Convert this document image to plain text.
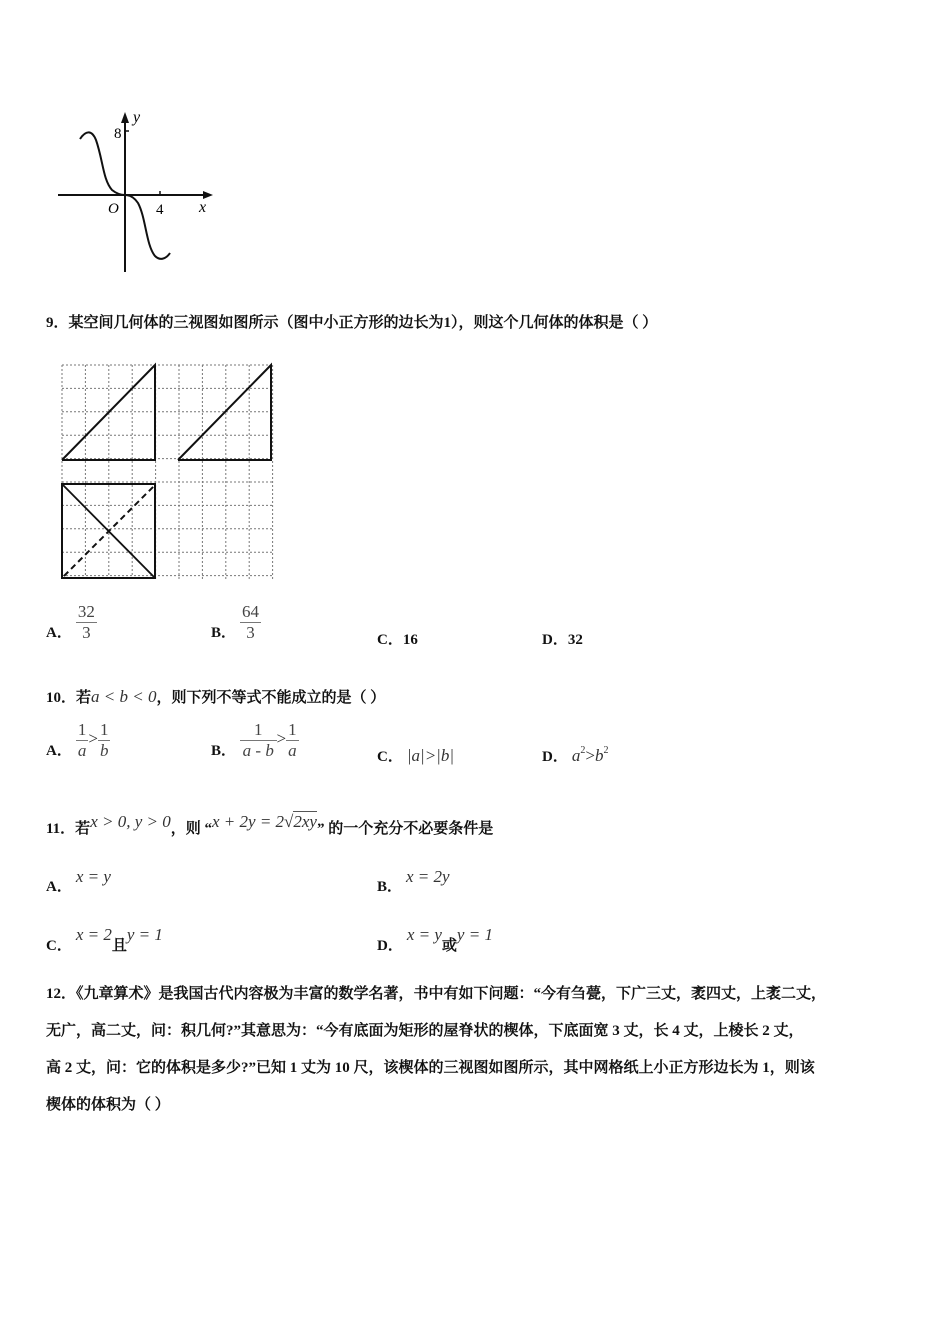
8
O 4 x
y
9．某空间几何体的三视图如图所示（图中小正方形的边长为1），则这个几何体的体积是（ ）
A． $\frac{32}{3}$	B． $\frac{64}{3}$	C．16	D．32
10．若a < b < 0，则下列不等式不能成立的是（ ）
A． $\frac{1}{a} > \frac{1}{b}$	B． $\frac{1}{a - b} > \frac{1}{a}$	C． |a|>|b|	D． $a^2>b^2$
11．若x > 0, y > 0，则 “x + 2y = 2√2xy” 的一个充分不必要条件是
A． x = y
B． x = 2y
C． x = 2且y = 1
D． x = y或y = 1
12．《九章算术》是我国古代内容极为丰富的数学名著，书中有如下问题：“今有刍甍，下广三丈，袤四丈，上袤二丈，
无广，高二丈，问：积几何?”其意思为：“今有底面为矩形的屋脊状的楔体，下底面宽 3 丈，长 4 丈，上棱长 2 丈，
高 2 丈，问：它的体积是多少?”已知 1 丈为 10 尺，该楔体的三视图如图所示，其中网格纸上小正方形边长为 1，则该
楔体的体积为（ ）
